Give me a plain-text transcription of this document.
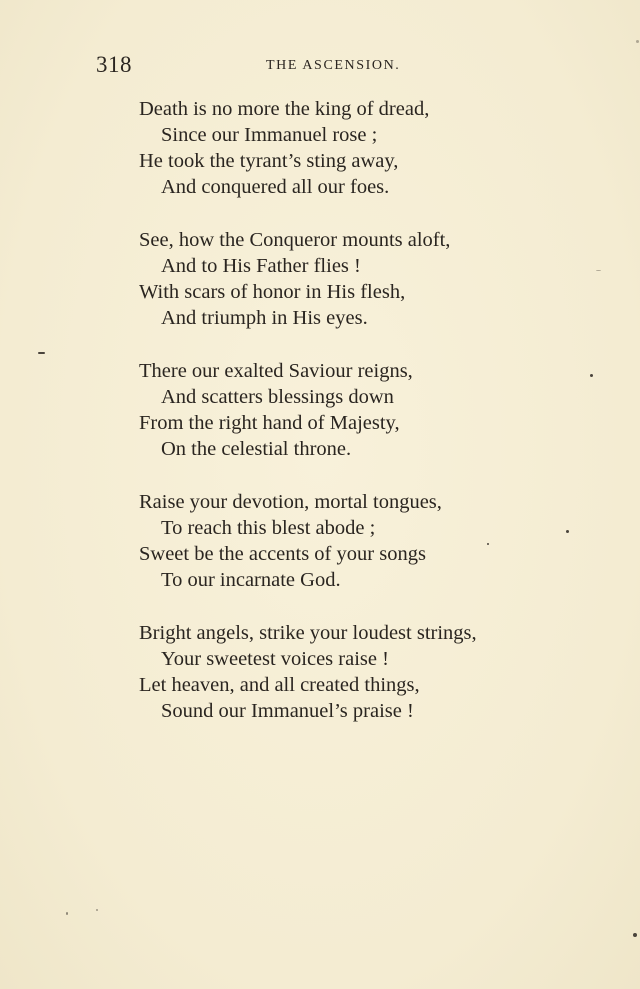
318	THE ASCENSION.
Death is no more the king of dread,
Since our Immanuel rose ;
He took the tyrant’s sting away,
And conquered all our foes.
See, how the Conqueror mounts aloft,
And to His Father flies !
With scars of honor in His flesh,
And triumph in His eyes.
There our exalted Saviour reigns,
And scatters blessings down
From the right hand of Majesty,
On the celestial throne.
Raise your devotion, mortal tongues,
To reach this blest abode ;
Sweet be the accents of your songs
To our incarnate God.
Bright angels, strike your loudest strings,
Your sweetest voices raise !
Let heaven, and all created things,
Sound our Immanuel’s praise !
